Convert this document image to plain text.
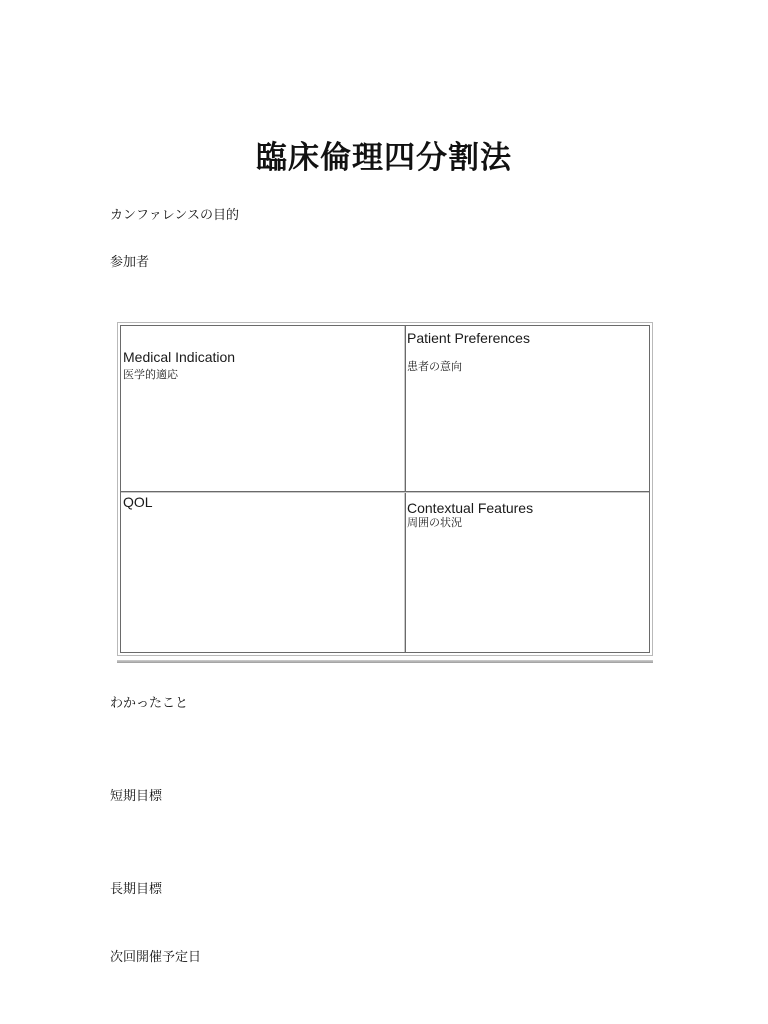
臨床倫理四分割法
カンファレンスの目的
参加者
Medical Indication
医学的適応
Patient Preferences
患者の意向
QOL	Contextual Features
周囲の状況
わかったこと
短期目標
長期目標
次回開催予定日
